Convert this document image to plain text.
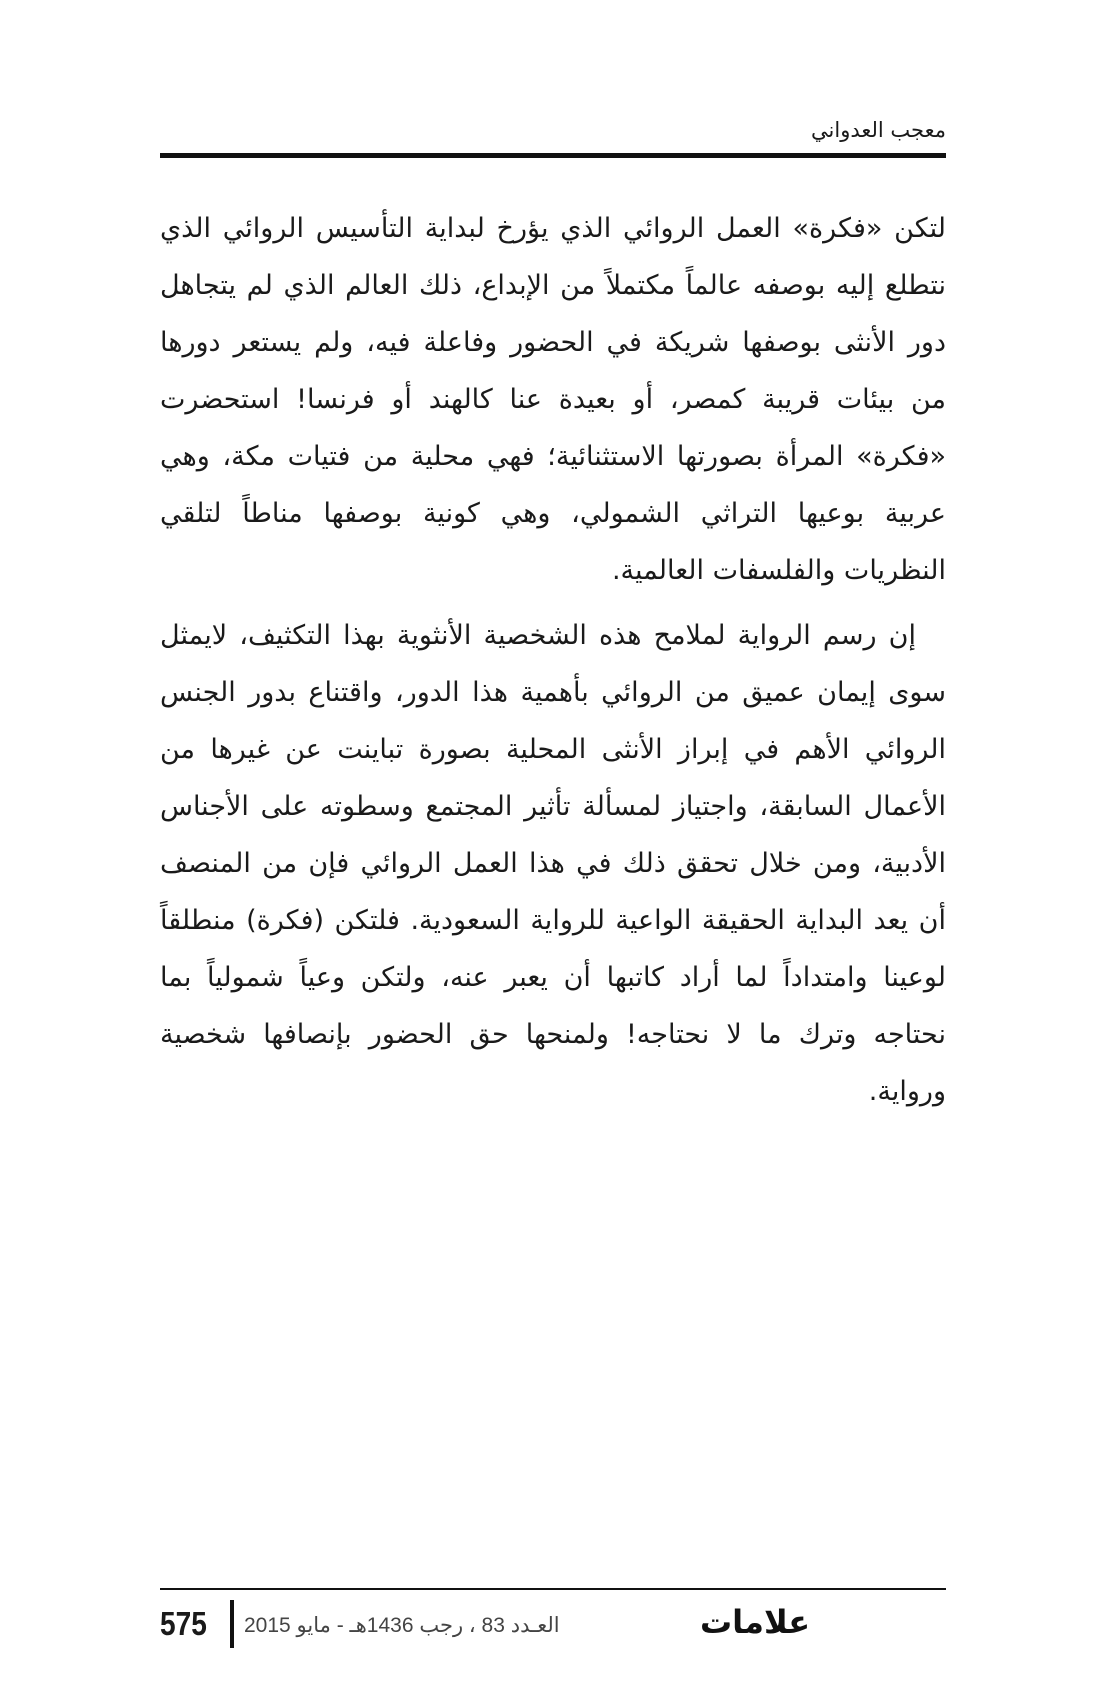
معجب العدواني

لتكن «فكرة» العمل الروائي الذي يؤرخ لبداية التأسيس الروائي الذي نتطلع إليه بوصفه عالماً مكتملاً من الإبداع، ذلك العالم الذي لم يتجاهل دور الأنثى بوصفها شريكة في الحضور وفاعلة فيه، ولم يستعر دورها من بيئات قريبة كمصر، أو بعيدة عنا كالهند أو فرنسا! استحضرت «فكرة» المرأة بصورتها الاستثنائية؛ فهي محلية من فتيات مكة، وهي عربية بوعيها التراثي الشمولي، وهي كونية بوصفها مناطاً لتلقي النظريات والفلسفات العالمية.

إن رسم الرواية لملامح هذه الشخصية الأنثوية بهذا التكثيف، لايمثل سوى إيمان عميق من الروائي بأهمية هذا الدور، واقتناع بدور الجنس الروائي الأهم في إبراز الأنثى المحلية بصورة تباينت عن غيرها من الأعمال السابقة، واجتياز لمسألة تأثير المجتمع وسطوته على الأجناس الأدبية، ومن خلال تحقق ذلك في هذا العمل الروائي فإن من المنصف أن يعد البداية الحقيقة الواعية للرواية السعودية. فلتكن (فكرة) منطلقاً لوعينا وامتداداً لما أراد كاتبها أن يعبر عنه، ولتكن وعياً شمولياً بما نحتاجه وترك ما لا نحتاجه! ولمنحها حق الحضور بإنصافها شخصية ورواية.

575 العـدد 83 ، رجب 1436هـ - مايو 2015	علامات
